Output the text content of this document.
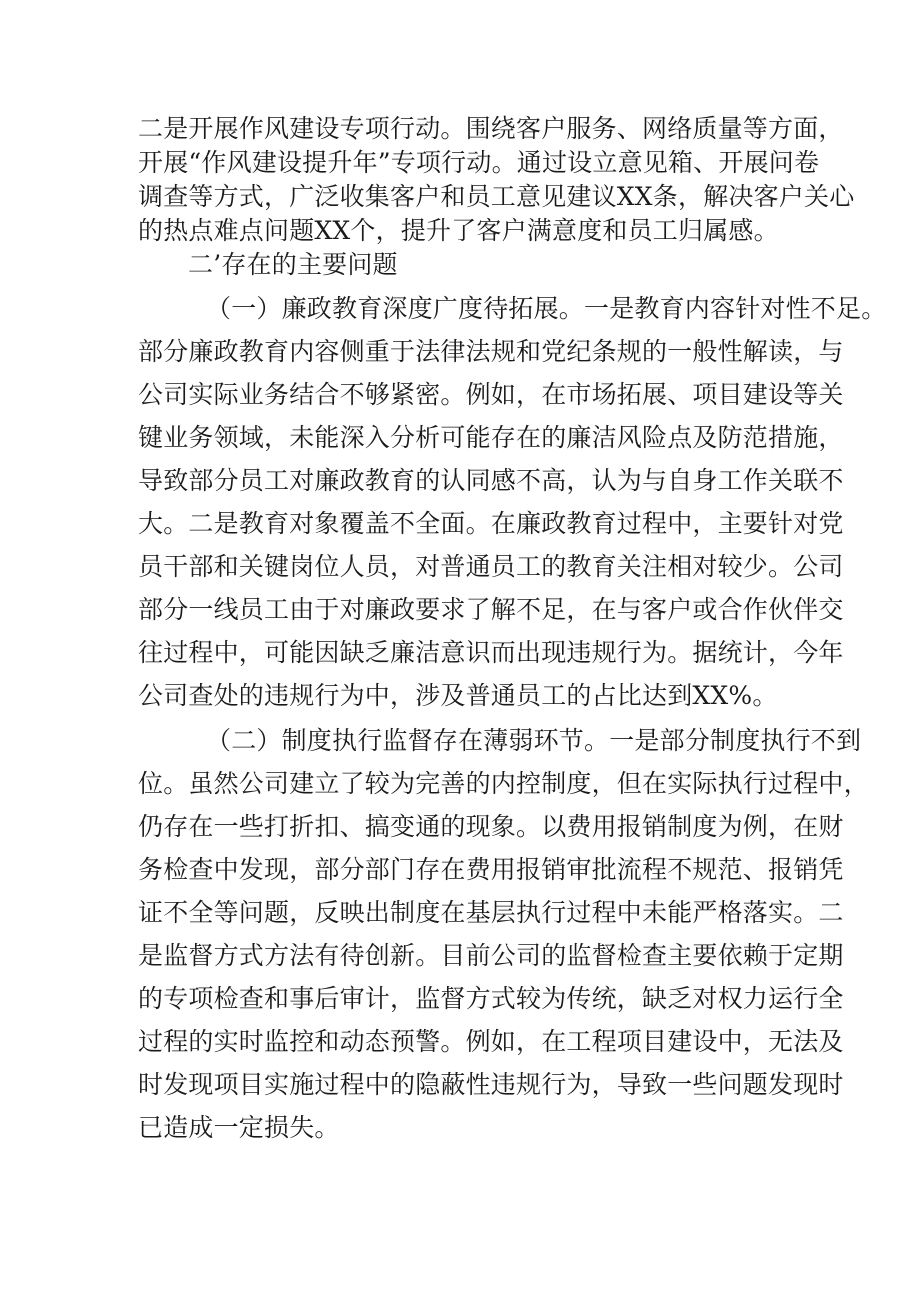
二是开展作风建设专项行动。围绕客户服务、网络质量等方面，
开展“作风建设提升年”专项行动。通过设立意见箱、开展问卷
调查等方式，广泛收集客户和员工意见建议XX条，解决客户关心
的热点难点问题XX个，提升了客户满意度和员工归属感。
二’存在的主要问题
（一）廉政教育深度广度待拓展。一是教育内容针对性不足。
部分廉政教育内容侧重于法律法规和党纪条规的一般性解读，与
公司实际业务结合不够紧密。例如，在市场拓展、项目建设等关
键业务领域，未能深入分析可能存在的廉洁风险点及防范措施，
导致部分员工对廉政教育的认同感不高，认为与自身工作关联不
大。二是教育对象覆盖不全面。在廉政教育过程中，主要针对党
员干部和关键岗位人员，对普通员工的教育关注相对较少。公司
部分一线员工由于对廉政要求了解不足，在与客户或合作伙伴交
往过程中，可能因缺乏廉洁意识而出现违规行为。据统计，今年
公司查处的违规行为中，涉及普通员工的占比达到XX%。
（二）制度执行监督存在薄弱环节。一是部分制度执行不到
位。虽然公司建立了较为完善的内控制度，但在实际执行过程中，
仍存在一些打折扣、搞变通的现象。以费用报销制度为例，在财
务检查中发现，部分部门存在费用报销审批流程不规范、报销凭
证不全等问题，反映出制度在基层执行过程中未能严格落实。二
是监督方式方法有待创新。目前公司的监督检查主要依赖于定期
的专项检查和事后审计，监督方式较为传统，缺乏对权力运行全
过程的实时监控和动态预警。例如，在工程项目建设中，无法及
时发现项目实施过程中的隐蔽性违规行为，导致一些问题发现时
已造成一定损失。
